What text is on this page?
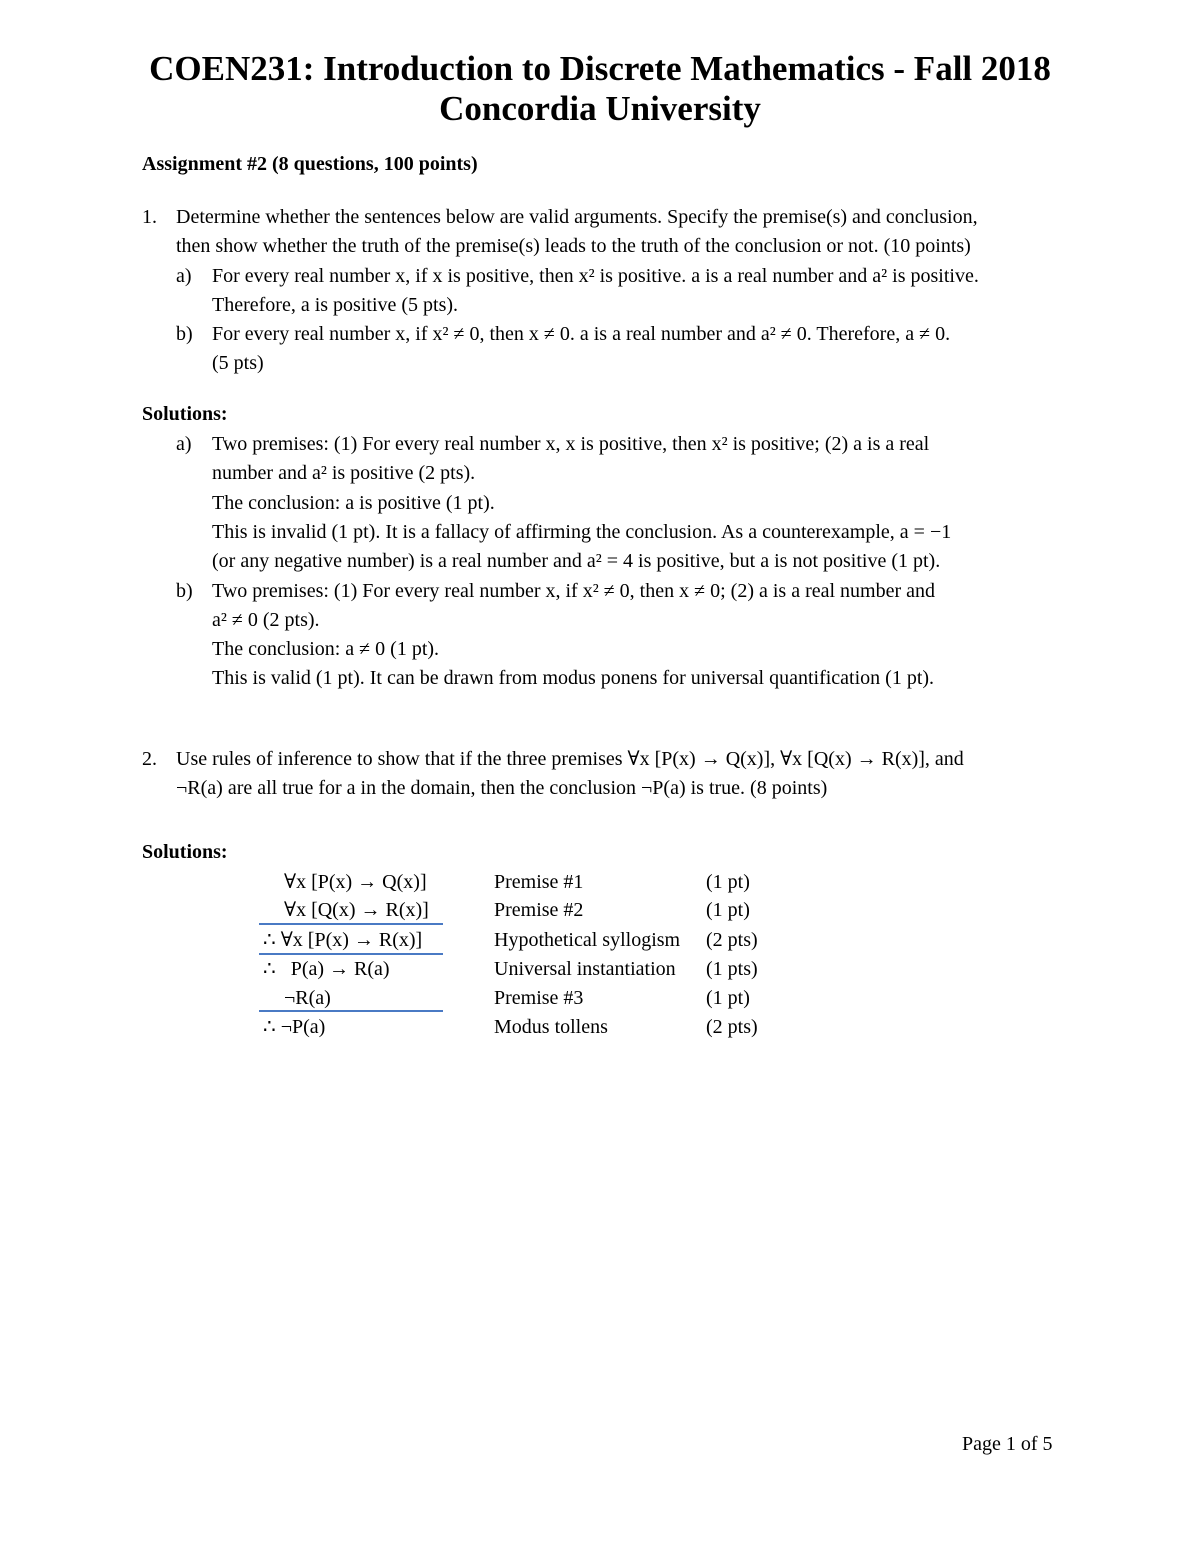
COEN231: Introduction to Discrete Mathematics - Fall 2018
Concordia University
Assignment #2 (8 questions, 100 points)
1. Determine whether the sentences below are valid arguments. Specify the premise(s) and conclusion,
then show whether the truth of the premise(s) leads to the truth of the conclusion or not. (10 points)
a) For every real number x, if x is positive, then x² is positive. a is a real number and a² is positive.
Therefore, a is positive (5 pts).
b) For every real number x, if x² ≠ 0, then x ≠ 0. a is a real number and a² ≠ 0. Therefore, a ≠ 0.
(5 pts)
Solutions:
a) Two premises: (1) For every real number x, x is positive, then x² is positive; (2) a is a real
number and a² is positive (2 pts).
The conclusion: a is positive (1 pt).
This is invalid (1 pt). It is a fallacy of affirming the conclusion. As a counterexample, a = −1
(or any negative number) is a real number and a² = 4 is positive, but a is not positive (1 pt).
b) Two premises: (1) For every real number x, if x² ≠ 0, then x ≠ 0; (2) a is a real number and
a² ≠ 0 (2 pts).
The conclusion: a ≠ 0 (1 pt).
This is valid (1 pt). It can be drawn from modus ponens for universal quantification (1 pt).
2. Use rules of inference to show that if the three premises ∀x [P(x) → Q(x)], ∀x [Q(x) → R(x)], and
¬R(a) are all true for a in the domain, then the conclusion ¬P(a) is true. (8 points)
Solutions:
∀x [P(x) → Q(x)]	Premise #1	(1 pt)
∀x [Q(x) → R(x)]	Premise #2	(1 pt)
∴ ∀x [P(x) → R(x)]	Hypothetical syllogism (2 pts)
∴   P(a) → R(a)	Universal instantiation (1 pts)
¬R(a)	Premise #3	(1 pt)
∴ ¬P(a)	Modus tollens	(2 pts)
Page 1 of 5
